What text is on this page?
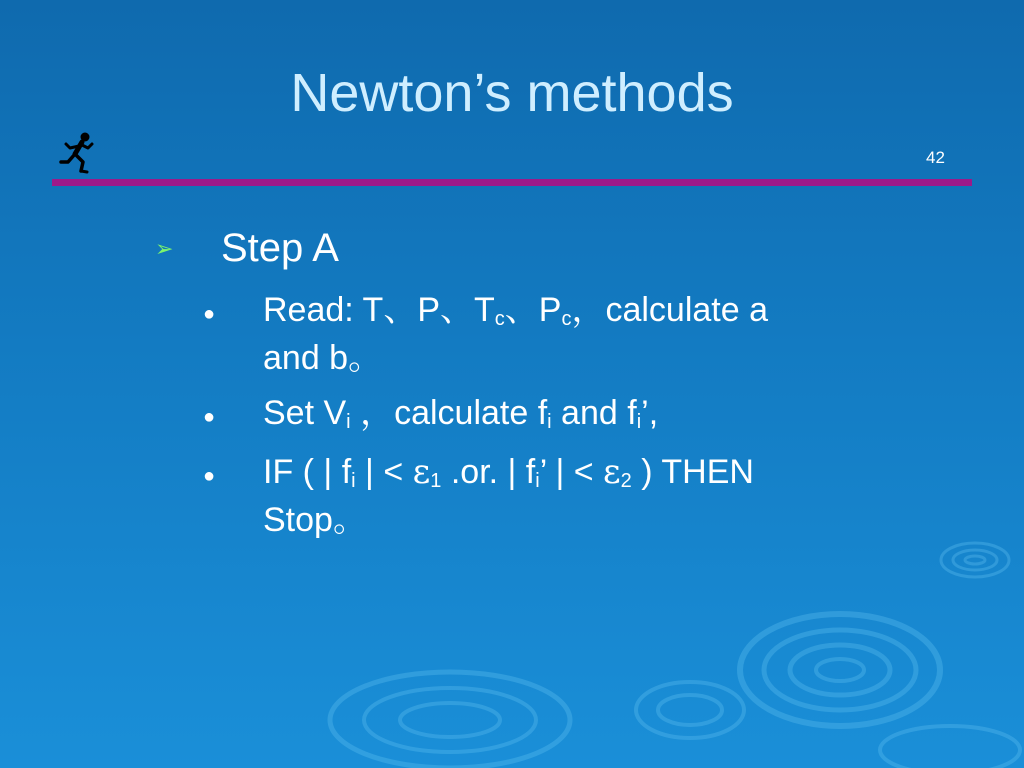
Newton’s methods
42
➢ Step A
● Read: T、P、$T_c$、$P_c$，calculate a
and b。
● Set $V_i$ ，calculate $f_i$ and $f_i$’,
● IF ( | $f_i$ | < $\varepsilon_1$ .or. | $f_i$’ | < $\varepsilon_2$ ) THEN
Stop。
